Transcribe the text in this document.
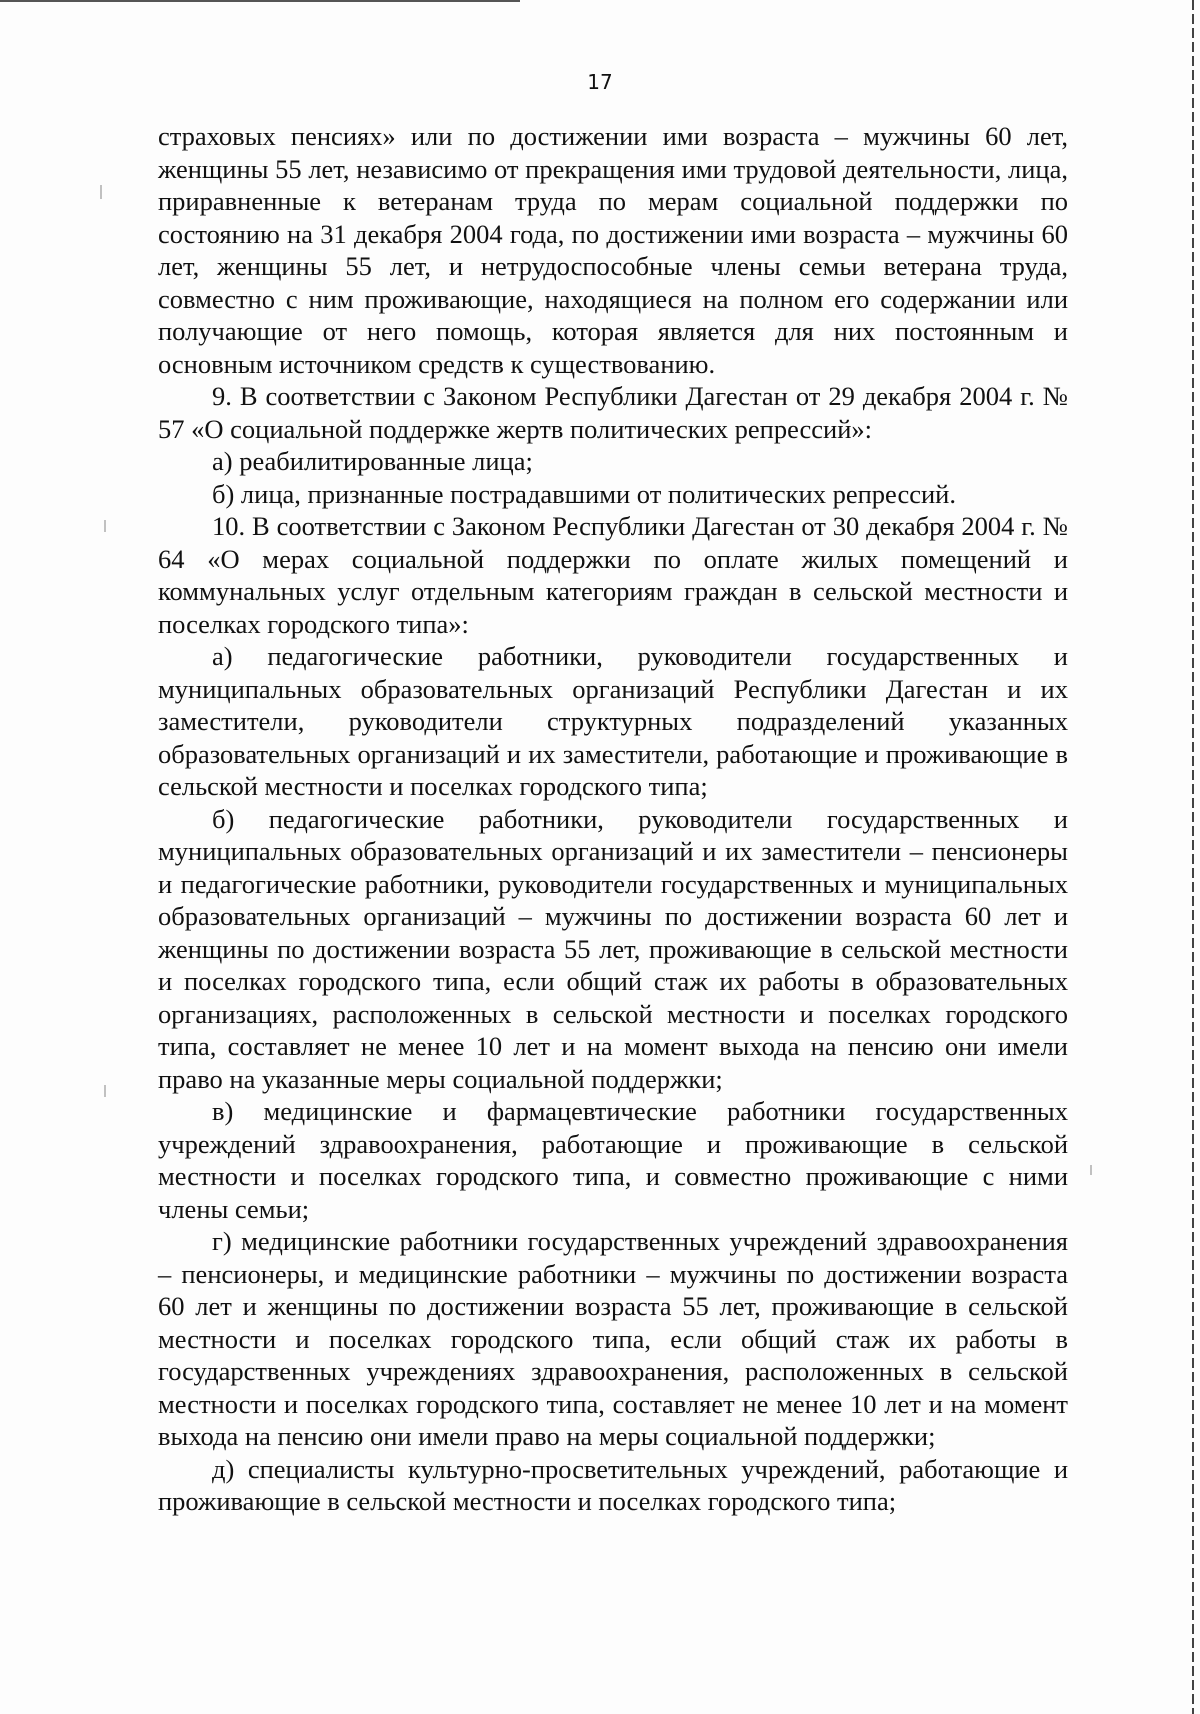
17

страховых пенсиях» или по достижении ими возраста – мужчины 60 лет, женщины 55 лет, независимо от прекращения ими трудовой деятельности, лица, приравненные к ветеранам труда по мерам социальной поддержки по состоянию на 31 декабря 2004 года, по достижении ими возраста – мужчины 60 лет, женщины 55 лет, и нетрудоспособные члены семьи ветерана труда, совместно с ним проживающие, находящиеся на полном его содержании или получающие от него помощь, которая является для них постоянным и основным источником средств к существованию.

9. В соответствии с Законом Республики Дагестан от 29 декабря 2004 г. № 57 «О социальной поддержке жертв политических репрессий»:

а) реабилитированные лица;

б) лица, признанные пострадавшими от политических репрессий.

10. В соответствии с Законом Республики Дагестан от 30 декабря 2004 г. № 64 «О мерах социальной поддержки по оплате жилых помещений и коммунальных услуг отдельным категориям граждан в сельской местности и поселках городского типа»:

а) педагогические работники, руководители государственных и муниципальных образовательных организаций Республики Дагестан и их заместители, руководители структурных подразделений указанных образовательных организаций и их заместители, работающие и проживающие в сельской местности и поселках городского типа;

б) педагогические работники, руководители государственных и муниципальных образовательных организаций и их заместители – пенсионеры и педагогические работники, руководители государственных и муниципальных образовательных организаций – мужчины по достижении возраста 60 лет и женщины по достижении возраста 55 лет, проживающие в сельской местности и поселках городского типа, если общий стаж их работы в образовательных организациях, расположенных в сельской местности и поселках городского типа, составляет не менее 10 лет и на момент выхода на пенсию они имели право на указанные меры социальной поддержки;

в) медицинские и фармацевтические работники государственных учреждений здравоохранения, работающие и проживающие в сельской местности и поселках городского типа, и совместно проживающие с ними члены семьи;

г) медицинские работники государственных учреждений здравоохранения – пенсионеры, и медицинские работники – мужчины по достижении возраста 60 лет и женщины по достижении возраста 55 лет, проживающие в сельской местности и поселках городского типа, если общий стаж их работы в государственных учреждениях здравоохранения, расположенных в сельской местности и поселках городского типа, составляет не менее 10 лет и на момент выхода на пенсию они имели право на меры социальной поддержки;

д) специалисты культурно-просветительных учреждений, работающие и проживающие в сельской местности и поселках городского типа;
